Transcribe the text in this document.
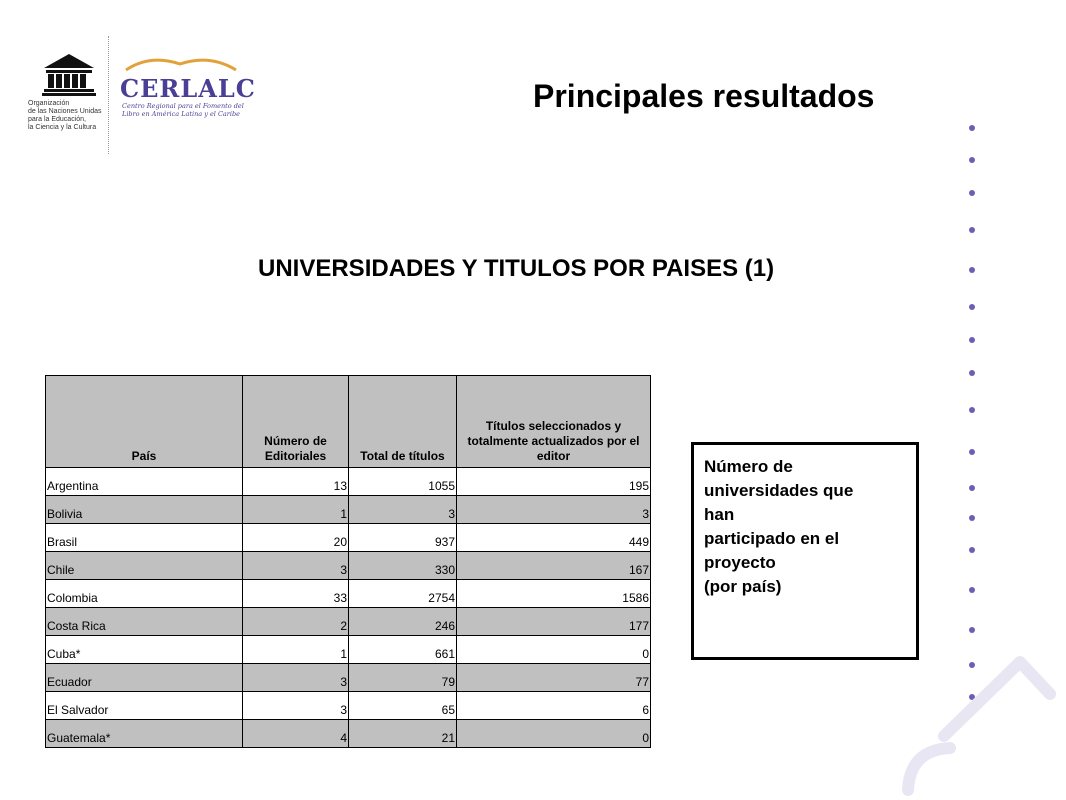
Organización
de las Naciones Unidas
para la Educación,
la Ciencia y la Cultura
CERLALC
Centro Regional para el Fomento del Libro en América Latina y el Caribe	Principales resultados
UNIVERSIDADES Y TITULOS POR PAISES (1)
País	Número de Editoriales	Total de títulos	Títulos seleccionados y totalmente actualizados por el editor
Argentina	13	1055	195
Bolivia	1	3	3
Brasil	20	937	449
Chile	3	330	167
Colombia	33	2754	1586
Costa Rica	2	246	177
Cuba*	1	661	0
Ecuador	3	79	77
El Salvador	3	65	6
Guatemala*	4	21	0

Número de
universidades que
han
participado en el
proyecto
(por país)
